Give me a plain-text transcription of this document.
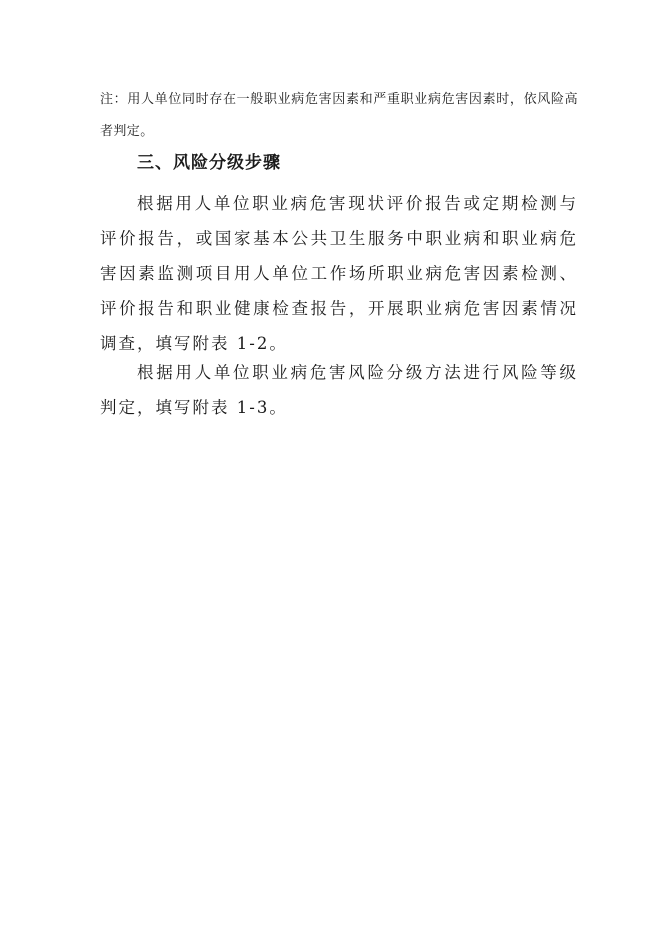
注：用人单位同时存在一般职业病危害因素和严重职业病危害因素时，依风险高者判定。
三、风险分级步骤
根据用人单位职业病危害现状评价报告或定期检测与评价报告，或国家基本公共卫生服务中职业病和职业病危害因素监测项目用人单位工作场所职业病危害因素检测、评价报告和职业健康检查报告，开展职业病危害因素情况调查，填写附表 1-2。
根据用人单位职业病危害风险分级方法进行风险等级判定，填写附表 1-3。
